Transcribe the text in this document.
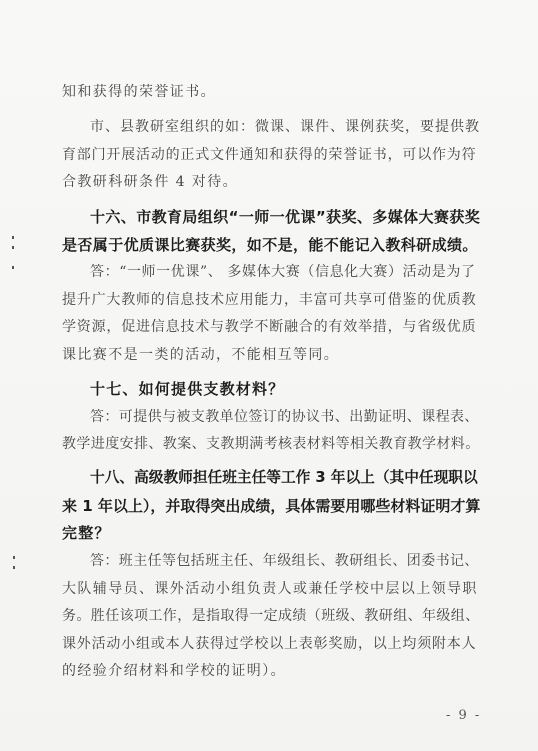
知和获得的荣誉证书。
市、县教研室组织的如：微课、课件、课例获奖，要提供教
育部门开展活动的正式文件通知和获得的荣誉证书，可以作为符
合教研科研条件 4 对待。
十六、市教育局组织“一师一优课”获奖、多媒体大赛获奖
是否属于优质课比赛获奖，如不是，能不能记入教科研成绩。
答：“一师一优课”、 多媒体大赛（信息化大赛）活动是为了
提升广大教师的信息技术应用能力，丰富可共享可借鉴的优质教
学资源，促进信息技术与教学不断融合的有效举措，与省级优质
课比赛不是一类的活动，不能相互等同。
十七、如何提供支教材料？
答：可提供与被支教单位签订的协议书、出勤证明、课程表、
教学进度安排、教案、支教期满考核表材料等相关教育教学材料。
十八、高级教师担任班主任等工作 3 年以上（其中任现职以
来 1 年以上），并取得突出成绩，具体需要用哪些材料证明才算
完整？
答：班主任等包括班主任、年级组长、教研组长、团委书记、
大队辅导员、课外活动小组负责人或兼任学校中层以上领导职
务。胜任该项工作，是指取得一定成绩（班级、教研组、年级组、
课外活动小组或本人获得过学校以上表彰奖励，以上均须附本人
的经验介绍材料和学校的证明）。
- 9 -
